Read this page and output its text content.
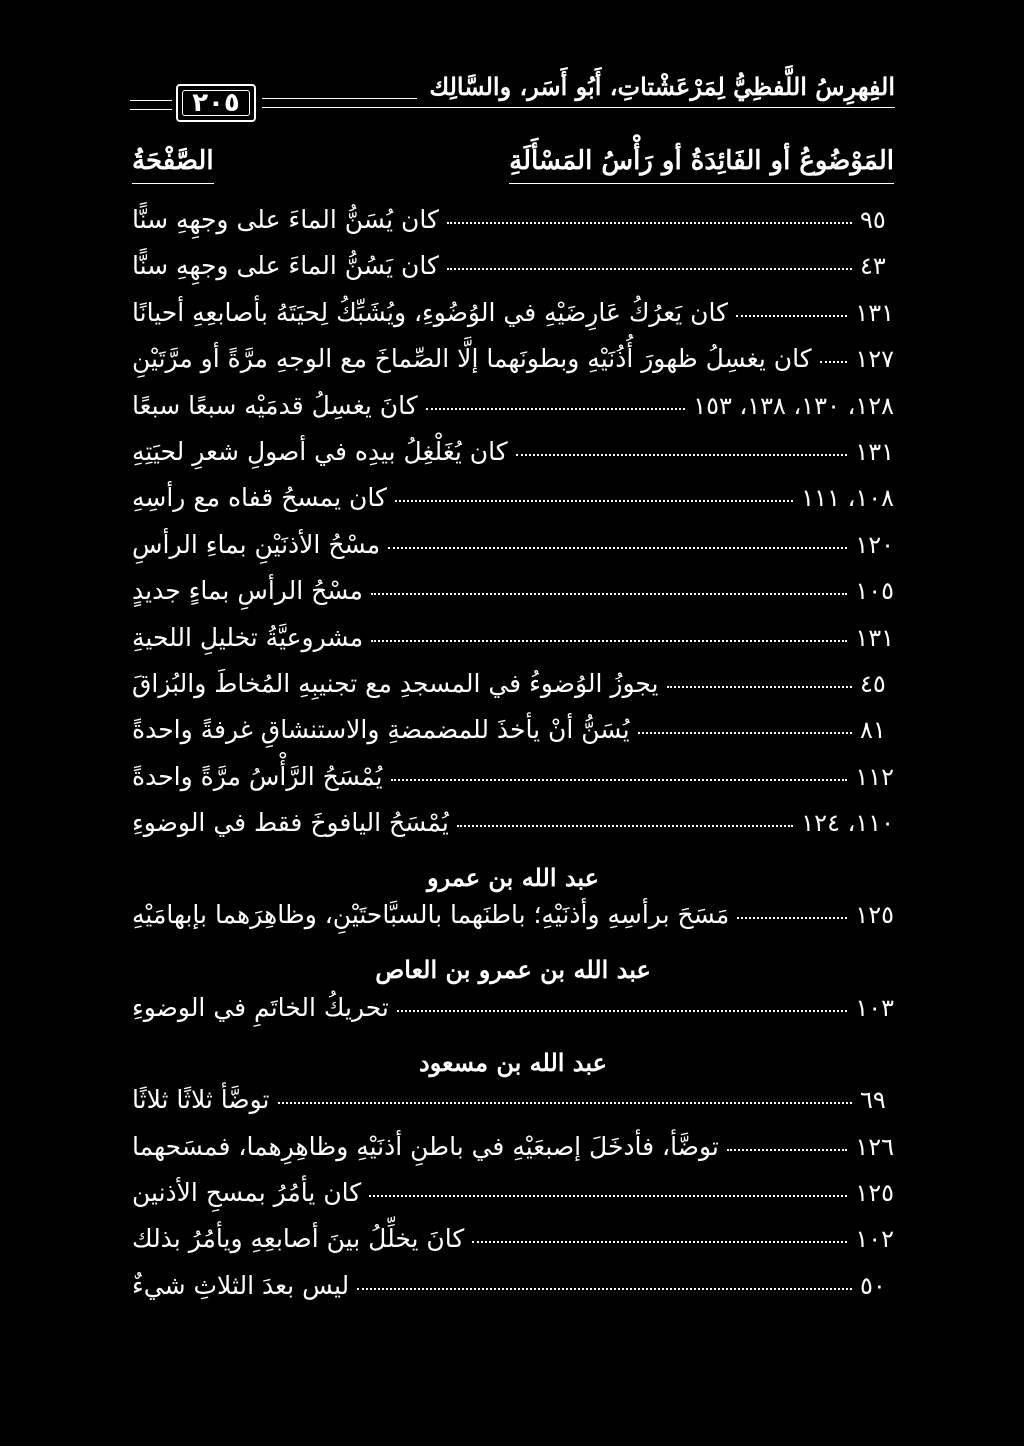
٢٠٥
الفِهرِسُ اللَّفظِيُّ لِمَرْعَشْتاتِ، أَبُو أَسَر، والسَّالِك
المَوْضُوعُ أو الفَائِدَةُ أو رَأْسُ المَسْأَلَةِ
الصَّفْحَةُ
كان يُسَنُّ الماءَ على وجهِهِ سنًّا	٩٥
كان يَسُنُّ الماءَ على وجهِهِ سنًّا	٤٣
كان يَعرُكُ عَارِضَيْهِ في الوُضُوءِ، ويُشَبِّكُ لِحيَتَهُ بأصابعِهِ أحيانًا	١٣١
كان يغسِلُ ظهورَ أُذُنَيْهِ وبطونَهما إلَّا الصِّماخَ مع الوجهِ مرَّةً أو مرَّتَيْنِ ١٢٧
كانَ يغسِلُ قدمَيْه سبعًا سبعًا	١٢٨، ١٣٠، ١٣٨، ١٥٣
كان يُغَلْغِلُ بيدِه في أصولِ شعرِ لحيَتِهِ	١٣١
كان يمسحُ قفاه مع رأسِهِ	١٠٨، ١١١
مسْحُ الأذنَيْنِ بماءِ الرأسِ	١٢٠
مسْحُ الرأسِ بماءٍ جديدٍ	١٠٥
مشروعيَّةُ تخليلِ اللحيةِ	١٣١
يجوزُ الوُضوءُ في المسجدِ مع تجنيبِهِ المُخاطَ والبُزاقَ	٤٥
يُسَنُّ أنْ يأخذَ للمضمضةِ والاستنشاقِ غرفةً واحدةً	٨١
يُمْسَحُ الرَّأْسُ مرَّةً واحدةً	١١٢
يُمْسَحُ اليافوخَ فقط في الوضوءِ	١١٠، ١٢٤
عبد الله بن عمرو
مَسَحَ برأسِهِ وأذنَيْهِ؛ باطنَهما بالسبَّاحتَيْنِ، وظاهِرَهما بإبهامَيْهِ	١٢٥
عبد الله بن عمرو بن العاص
تحريكُ الخاتَمِ في الوضوءِ	١٠٣
عبد الله بن مسعود
توضَّأ ثلاثًا ثلاثًا	٦٩
توضَّأ، فأدخَلَ إصبعَيْهِ في باطنِ أذنَيْهِ وظاهِرِهما، فمسَحهما	١٢٦
كان يأمُرُ بمسحِ الأذنين	١٢٥
كانَ يخلِّلُ بينَ أصابعِهِ ويأمُرُ بذلك	١٠٢
ليس بعدَ الثلاثِ شيءٌ	٥٠
